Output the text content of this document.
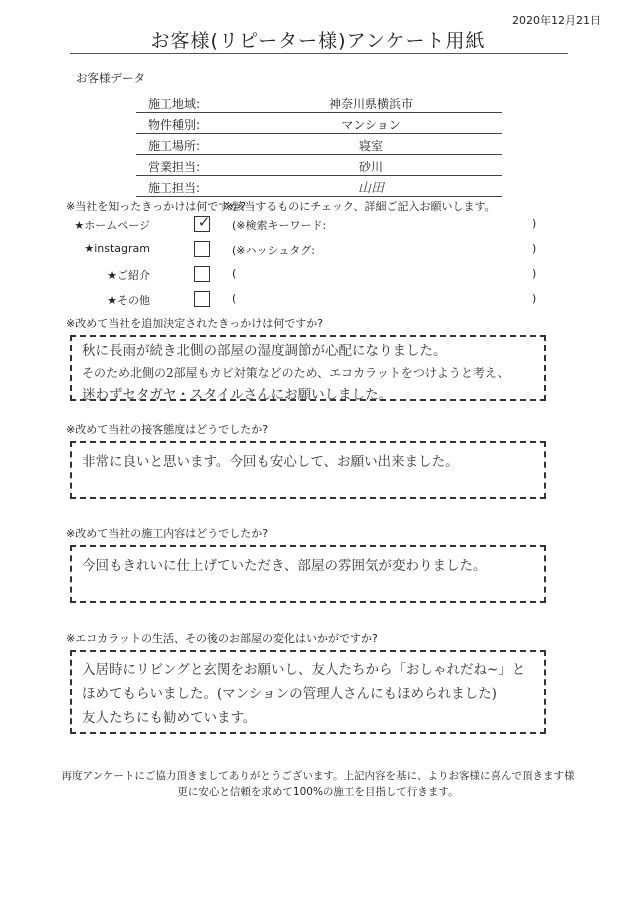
2020年12月21日
お客様(リピーター様)アンケート用紙
お客様データ
施工地域:	神奈川県横浜市
物件種別:	マンション
施工場所:	寝室
営業担当:	砂川
施工担当:	山田
※当社を知ったきっかけは何ですか?
※該当するものにチェック、詳細ご記入お願いします。
★ホームページ	✓ (※検索キーワード:	)
★instagram	(※ハッシュタグ:	)
★ご紹介	(	)
★その他	(	)
※改めて当社を追加決定されたきっかけは何ですか?
秋に長雨が続き北側の部屋の湿度調節が心配になりました。
そのため北側の2部屋もカビ対策などのため、エコカラットをつけようと考え、
迷わずセタガヤ・スタイルさんにお願いしました。
※改めて当社の接客態度はどうでしたか?
非常に良いと思います。今回も安心して、お願い出来ました。
※改めて当社の施工内容はどうでしたか?
今回もきれいに仕上げていただき、部屋の雰囲気が変わりました。
※エコカラットの生活、その後のお部屋の変化はいかがですか?
入居時にリビングと玄関をお願いし、友人たちから「おしゃれだね~」と
ほめてもらいました。(マンションの管理人さんにもほめられました)
友人たちにも勧めています。
再度アンケートにご協力頂きましてありがとうございます。上記内容を基に、よりお客様に喜んで頂きます様
更に安心と信頼を求めて100%の施工を目指して行きます。
